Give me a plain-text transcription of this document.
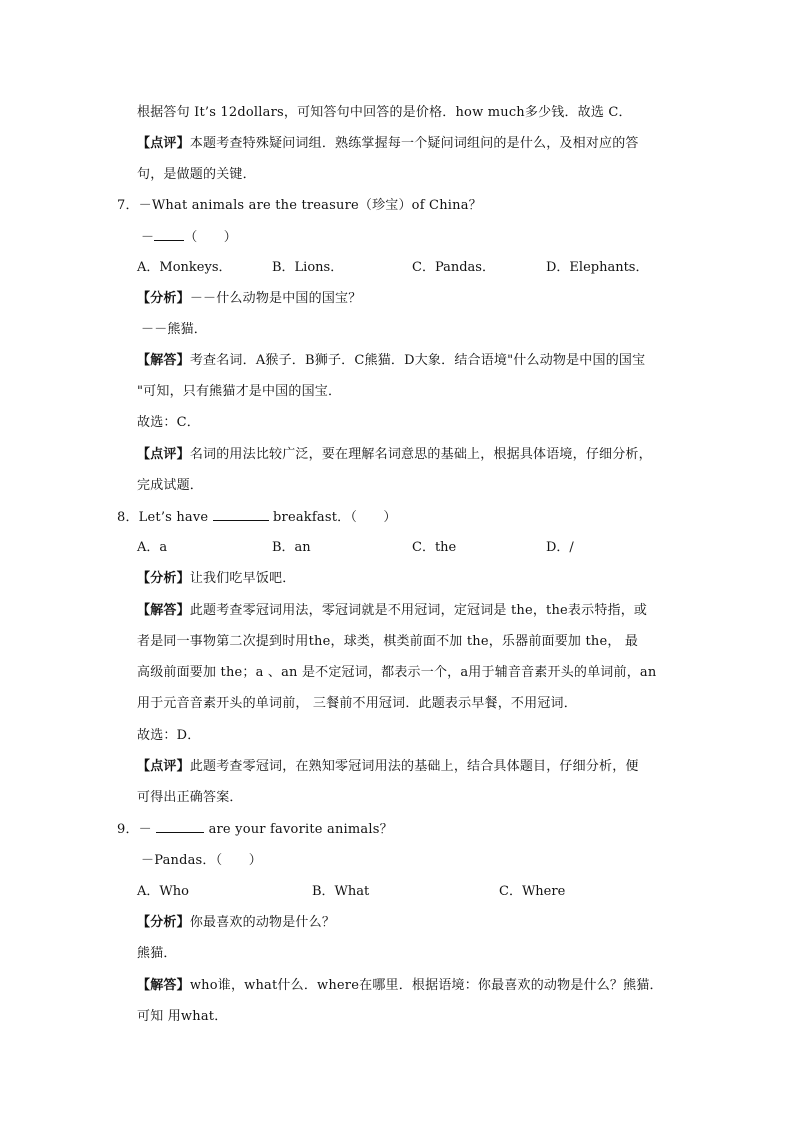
根据答句 It’s 12dollars，可知答句中回答的是价格．how much多少钱．故选 C．
【点评】本题考查特殊疑问词组．熟练掌握每一个疑问词组问的是什么，及相对应的答
句，是做题的关键．
7．－What animals are the treasure（珍宝）of China？
－ （　　）
A．Monkeys．	B．Lions．	C．Pandas．	D．Elephants．
【分析】－－什么动物是中国的国宝？
－－熊猫．
【解答】考查名词．A猴子．B狮子．C熊猫．D大象．结合语境"什么动物是中国的国宝
"可知，只有熊猫才是中国的国宝．
故选：C．
【点评】名词的用法比较广泛，要在理解名词意思的基础上，根据具体语境，仔细分析，
完成试题．
8．Let’s have	breakfast．（　　）
A．a	B．an	C．the	D．/
【分析】让我们吃早饭吧．
【解答】此题考查零冠词用法，零冠词就是不用冠词，定冠词是 the，the表示特指，或
者是同一事物第二次提到时用the，球类，棋类前面不加 the，乐器前面要加 the， 最
高级前面要加 the；a 、an 是不定冠词，都表示一个，a用于辅音音素开头的单词前，an
用于元音音素开头的单词前， 三餐前不用冠词．此题表示早餐，不用冠词．
故选：D．
【点评】此题考查零冠词，在熟知零冠词用法的基础上，结合具体题目，仔细分析，便
可得出正确答案．
9．－	are your favorite animals？
－Pandas．（　　）
A．Who	B．What	C．Where
【分析】你最喜欢的动物是什么？
熊猫．
【解答】who谁，what什么．where在哪里．根据语境：你最喜欢的动物是什么？熊猫．
可知 用what．
